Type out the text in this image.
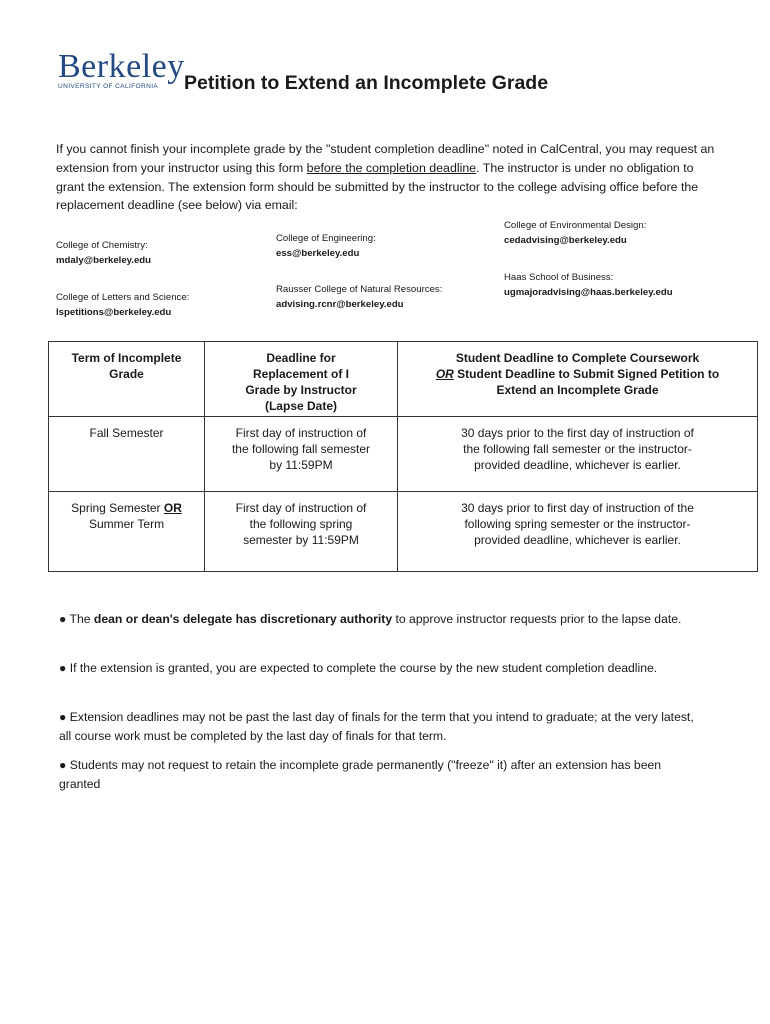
Berkeley
UNIVERSITY OF CALIFORNIA	Petition to Extend an Incomplete Grade

If you cannot finish your incomplete grade by the "student completion deadline" noted in CalCentral, you may request an extension from your instructor using this form before the completion deadline. The instructor is under no obligation to grant the extension. The extension form should be submitted by the instructor to the college advising office before the replacement deadline (see below) via email:

College of Chemistry:
mdaly@berkeley.edu
College of Engineering:
ess@berkeley.edu
College of Environmental Design:
cedadvising@berkeley.edu
College of Letters and Science:
lspetitions@berkeley.edu
Rausser College of Natural Resources:
advising.rcnr@berkeley.edu
Haas School of Business:
ugmajoradvising@haas.berkeley.edu
Term of Incomplete Grade	Deadline for Replacement of I Grade by Instructor (Lapse Date)	Student Deadline to Complete Coursework
OR Student Deadline to Submit Signed Petition to Extend an Incomplete Grade
Fall Semester	First day of instruction of the following fall semester by 11:59PM	30 days prior to the first day of instruction of the following fall semester or the instructor-provided deadline, whichever is earlier.
Spring Semester OR
Summer Term	First day of instruction of the following spring semester by 11:59PM	30 days prior to first day of instruction of the following spring semester or the instructor-provided deadline, whichever is earlier.

● The dean or dean's delegate has discretionary authority to approve instructor requests prior to the lapse date.

● If the extension is granted, you are expected to complete the course by the new student completion deadline.

● Extension deadlines may not be past the last day of finals for the term that you intend to graduate; at the very latest, all course work must be completed by the last day of finals for that term.

● Students may not request to retain the incomplete grade permanently ("freeze" it) after an extension has been granted
